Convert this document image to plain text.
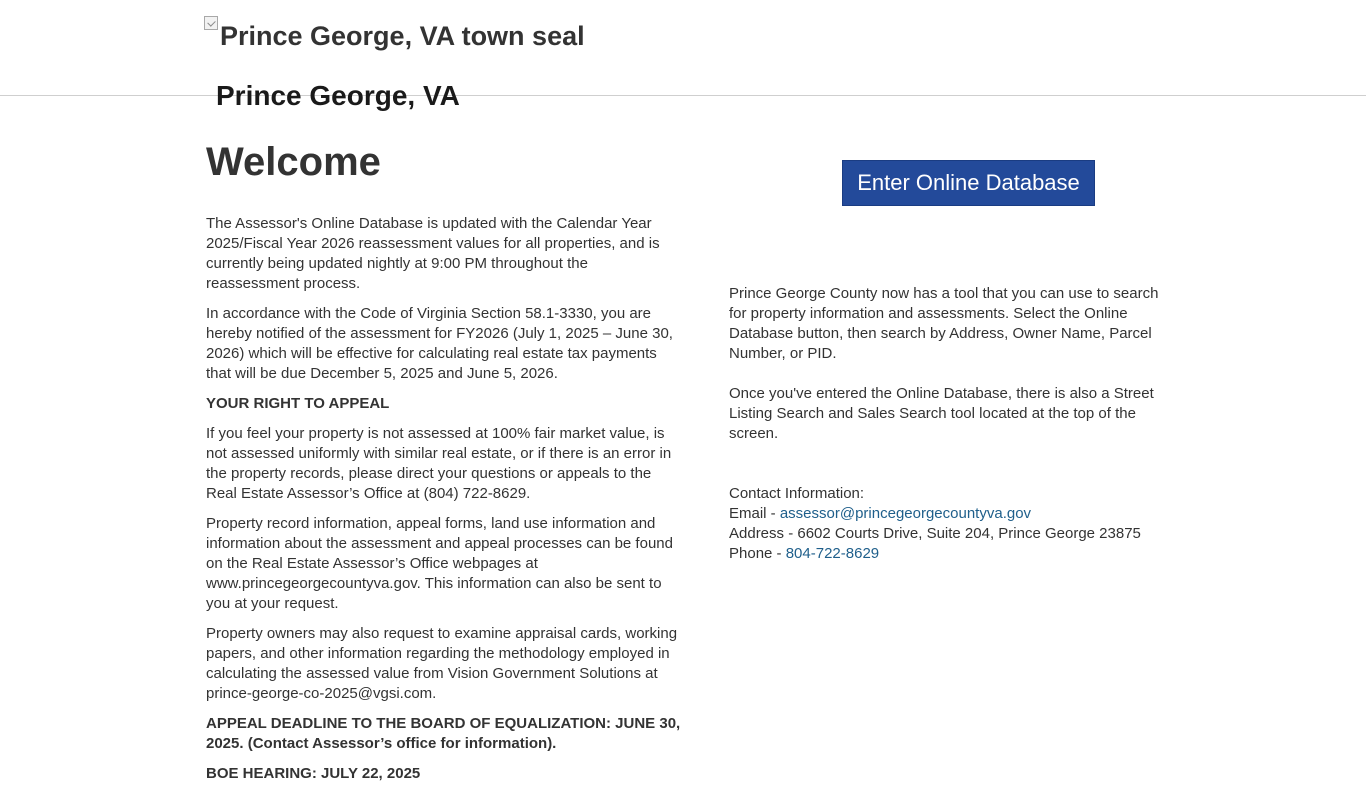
Prince George, VA town seal
Prince George, VA
Welcome

The Assessor's Online Database is updated with the Calendar Year 2025/Fiscal Year 2026 reassessment values for all properties, and is currently being updated nightly at 9:00 PM throughout the reassessment process.

In accordance with the Code of Virginia Section 58.1-3330, you are hereby notified of the assessment for FY2026 (July 1, 2025 – June 30, 2026) which will be effective for calculating real estate tax payments that will be due December 5, 2025 and June 5, 2026.

YOUR RIGHT TO APPEAL

If you feel your property is not assessed at 100% fair market value, is not assessed uniformly with similar real estate, or if there is an error in the property records, please direct your questions or appeals to the Real Estate Assessor’s Office at (804) 722-8629.

Property record information, appeal forms, land use information and information about the assessment and appeal processes can be found on the Real Estate Assessor’s Office webpages at www.princegeorgecountyva.gov. This information can also be sent to you at your request.

Property owners may also request to examine appraisal cards, working papers, and other information regarding the methodology employed in calculating the assessed value from Vision Government Solutions at prince-george-co-2025@vgsi.com.

APPEAL DEADLINE TO THE BOARD OF EQUALIZATION: JUNE 30, 2025. (Contact Assessor’s office for information).

BOE HEARING: JULY 22, 2025

Enter Online Database

Prince George County now has a tool that you can use to search for property information and assessments. Select the Online Database button, then search by Address, Owner Name, Parcel Number, or PID.

Once you've entered the Online Database, there is also a Street Listing Search and Sales Search tool located at the top of the screen.

Contact Information:
Email - assessor@princegeorgecountyva.gov
Address - 6602 Courts Drive, Suite 204, Prince George 23875
Phone - 804-722-8629
